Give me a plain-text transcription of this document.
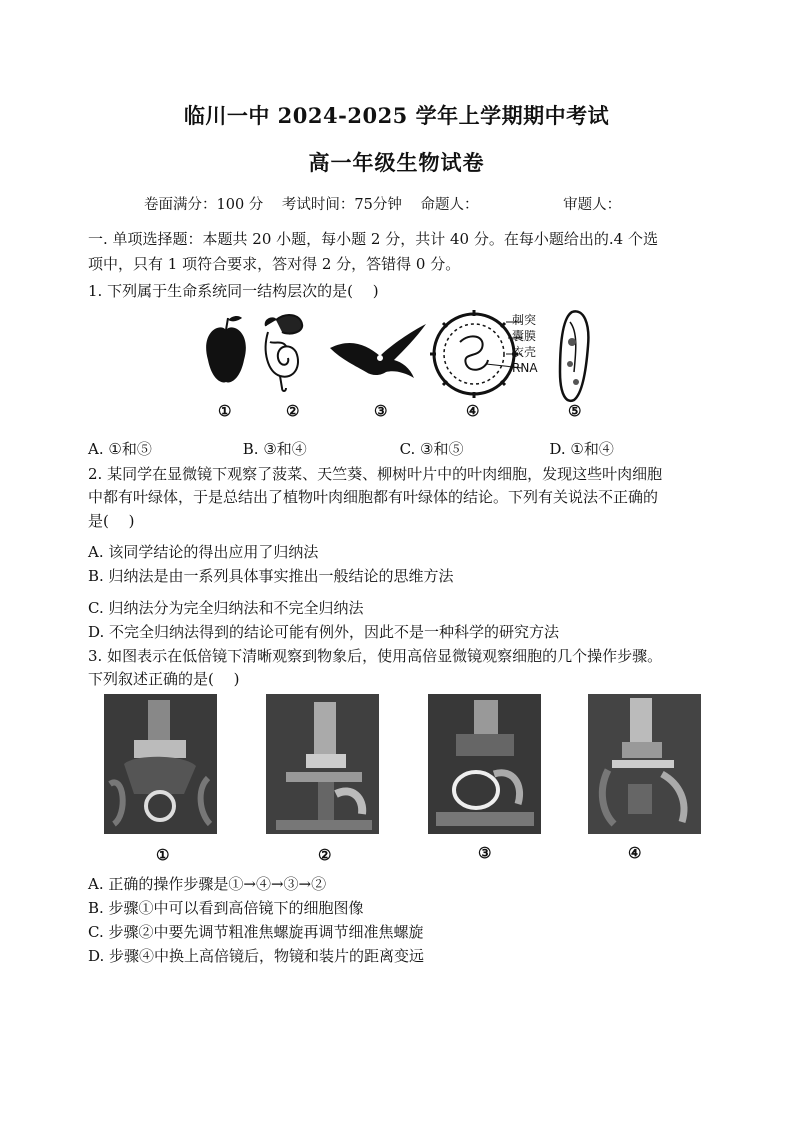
临川一中 2024-2025 学年上学期期中考试
高一年级生物试卷
卷面满分：100 分 考试时间：75分钟 命题人：	审题人：
一. 单项选择题：本题共 20 小题，每小题 2 分，共计 40 分。在每小题给出的.4 个选
项中，只有 1 项符合要求，答对得 2 分，答错得 0 分。
1. 下列属于生命系统同一结构层次的是(　 )
刺突
囊膜
衣壳
RNA
①	②	③	④	⑤
A. ①和⑤	B. ③和④	C. ③和⑤	D. ①和④
2. 某同学在显微镜下观察了菠菜、天竺葵、柳树叶片中的叶肉细胞，发现这些叶肉细胞
中都有叶绿体，于是总结出了植物叶肉细胞都有叶绿体的结论。下列有关说法不正确的
是(　 )
A. 该同学结论的得出应用了归纳法
B. 归纳法是由一系列具体事实推出一般结论的思维方法
C. 归纳法分为完全归纳法和不完全归纳法
D. 不完全归纳法得到的结论可能有例外，因此不是一种科学的研究方法
3. 如图表示在低倍镜下清晰观察到物象后，使用高倍显微镜观察细胞的几个操作步骤。
下列叙述正确的是(　 )
①	②	③	④
A. 正确的操作步骤是①→④→③→②
B. 步骤①中可以看到高倍镜下的细胞图像
C. 步骤②中要先调节粗准焦螺旋再调节细准焦螺旋
D. 步骤④中换上高倍镜后，物镜和装片的距离变远
